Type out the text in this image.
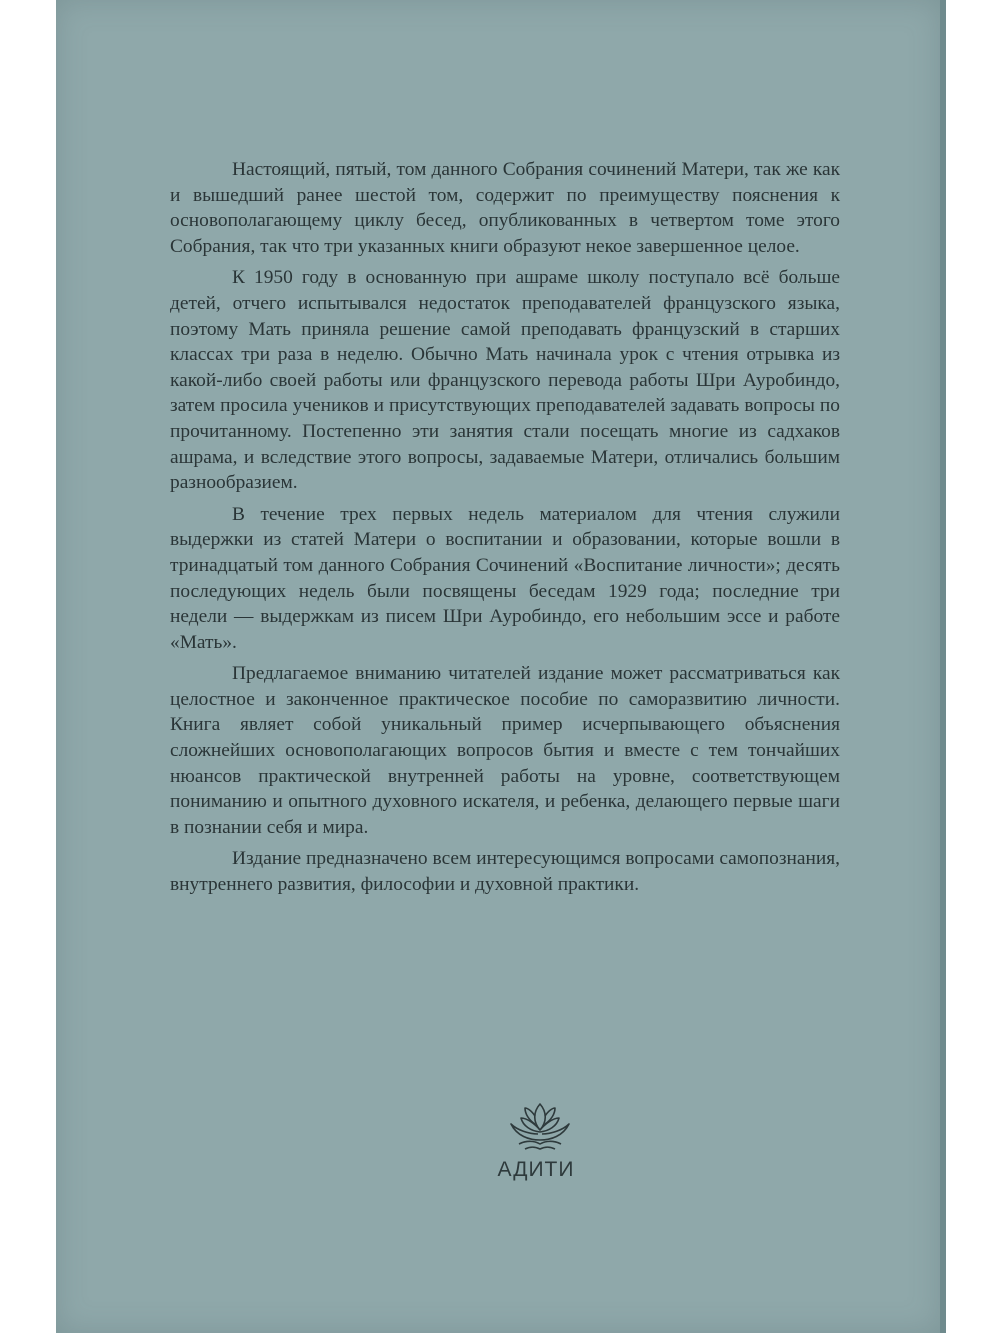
Настоящий, пятый, том данного Собрания сочинений Матери, так же как и вышедший ранее шестой том, содержит по преимуществу пояснения к основополагающему циклу бесед, опубликованных в четвертом томе этого Собрания, так что три указанных книги образуют некое завершенное целое.

К 1950 году в основанную при ашраме школу поступало всё больше детей, отчего испытывался недостаток преподавателей французского языка, поэтому Мать приняла решение самой преподавать французский в старших классах три раза в неделю. Обычно Мать начинала урок с чтения отрывка из какой-либо своей работы или французского перевода работы Шри Ауробиндо, затем просила учеников и присутствующих преподавателей задавать вопросы по прочитанному. Постепенно эти занятия стали посещать многие из садхаков ашрама, и вследствие этого вопросы, задаваемые Матери, отличались большим разнообразием.

В течение трех первых недель материалом для чтения служили выдержки из статей Матери о воспитании и образовании, которые вошли в тринадцатый том данного Собрания Сочинений «Воспитание личности»; десять последующих недель были посвящены беседам 1929 года; последние три недели — выдержкам из писем Шри Ауробиндо, его небольшим эссе и работе «Мать».

Предлагаемое вниманию читателей издание может рассматриваться как целостное и законченное практическое пособие по саморазвитию личности. Книга являет собой уникальный пример исчерпывающего объяснения сложнейших основополагающих вопросов бытия и вместе с тем тончайших нюансов практической внутренней работы на уровне, соответствующем пониманию и опытного духовного искателя, и ребенка, делающего первые шаги в познании себя и мира.

Издание предназначено всем интересующимся вопросами самопознания, внутреннего развития, философии и духовной практики.

АДИТИ
